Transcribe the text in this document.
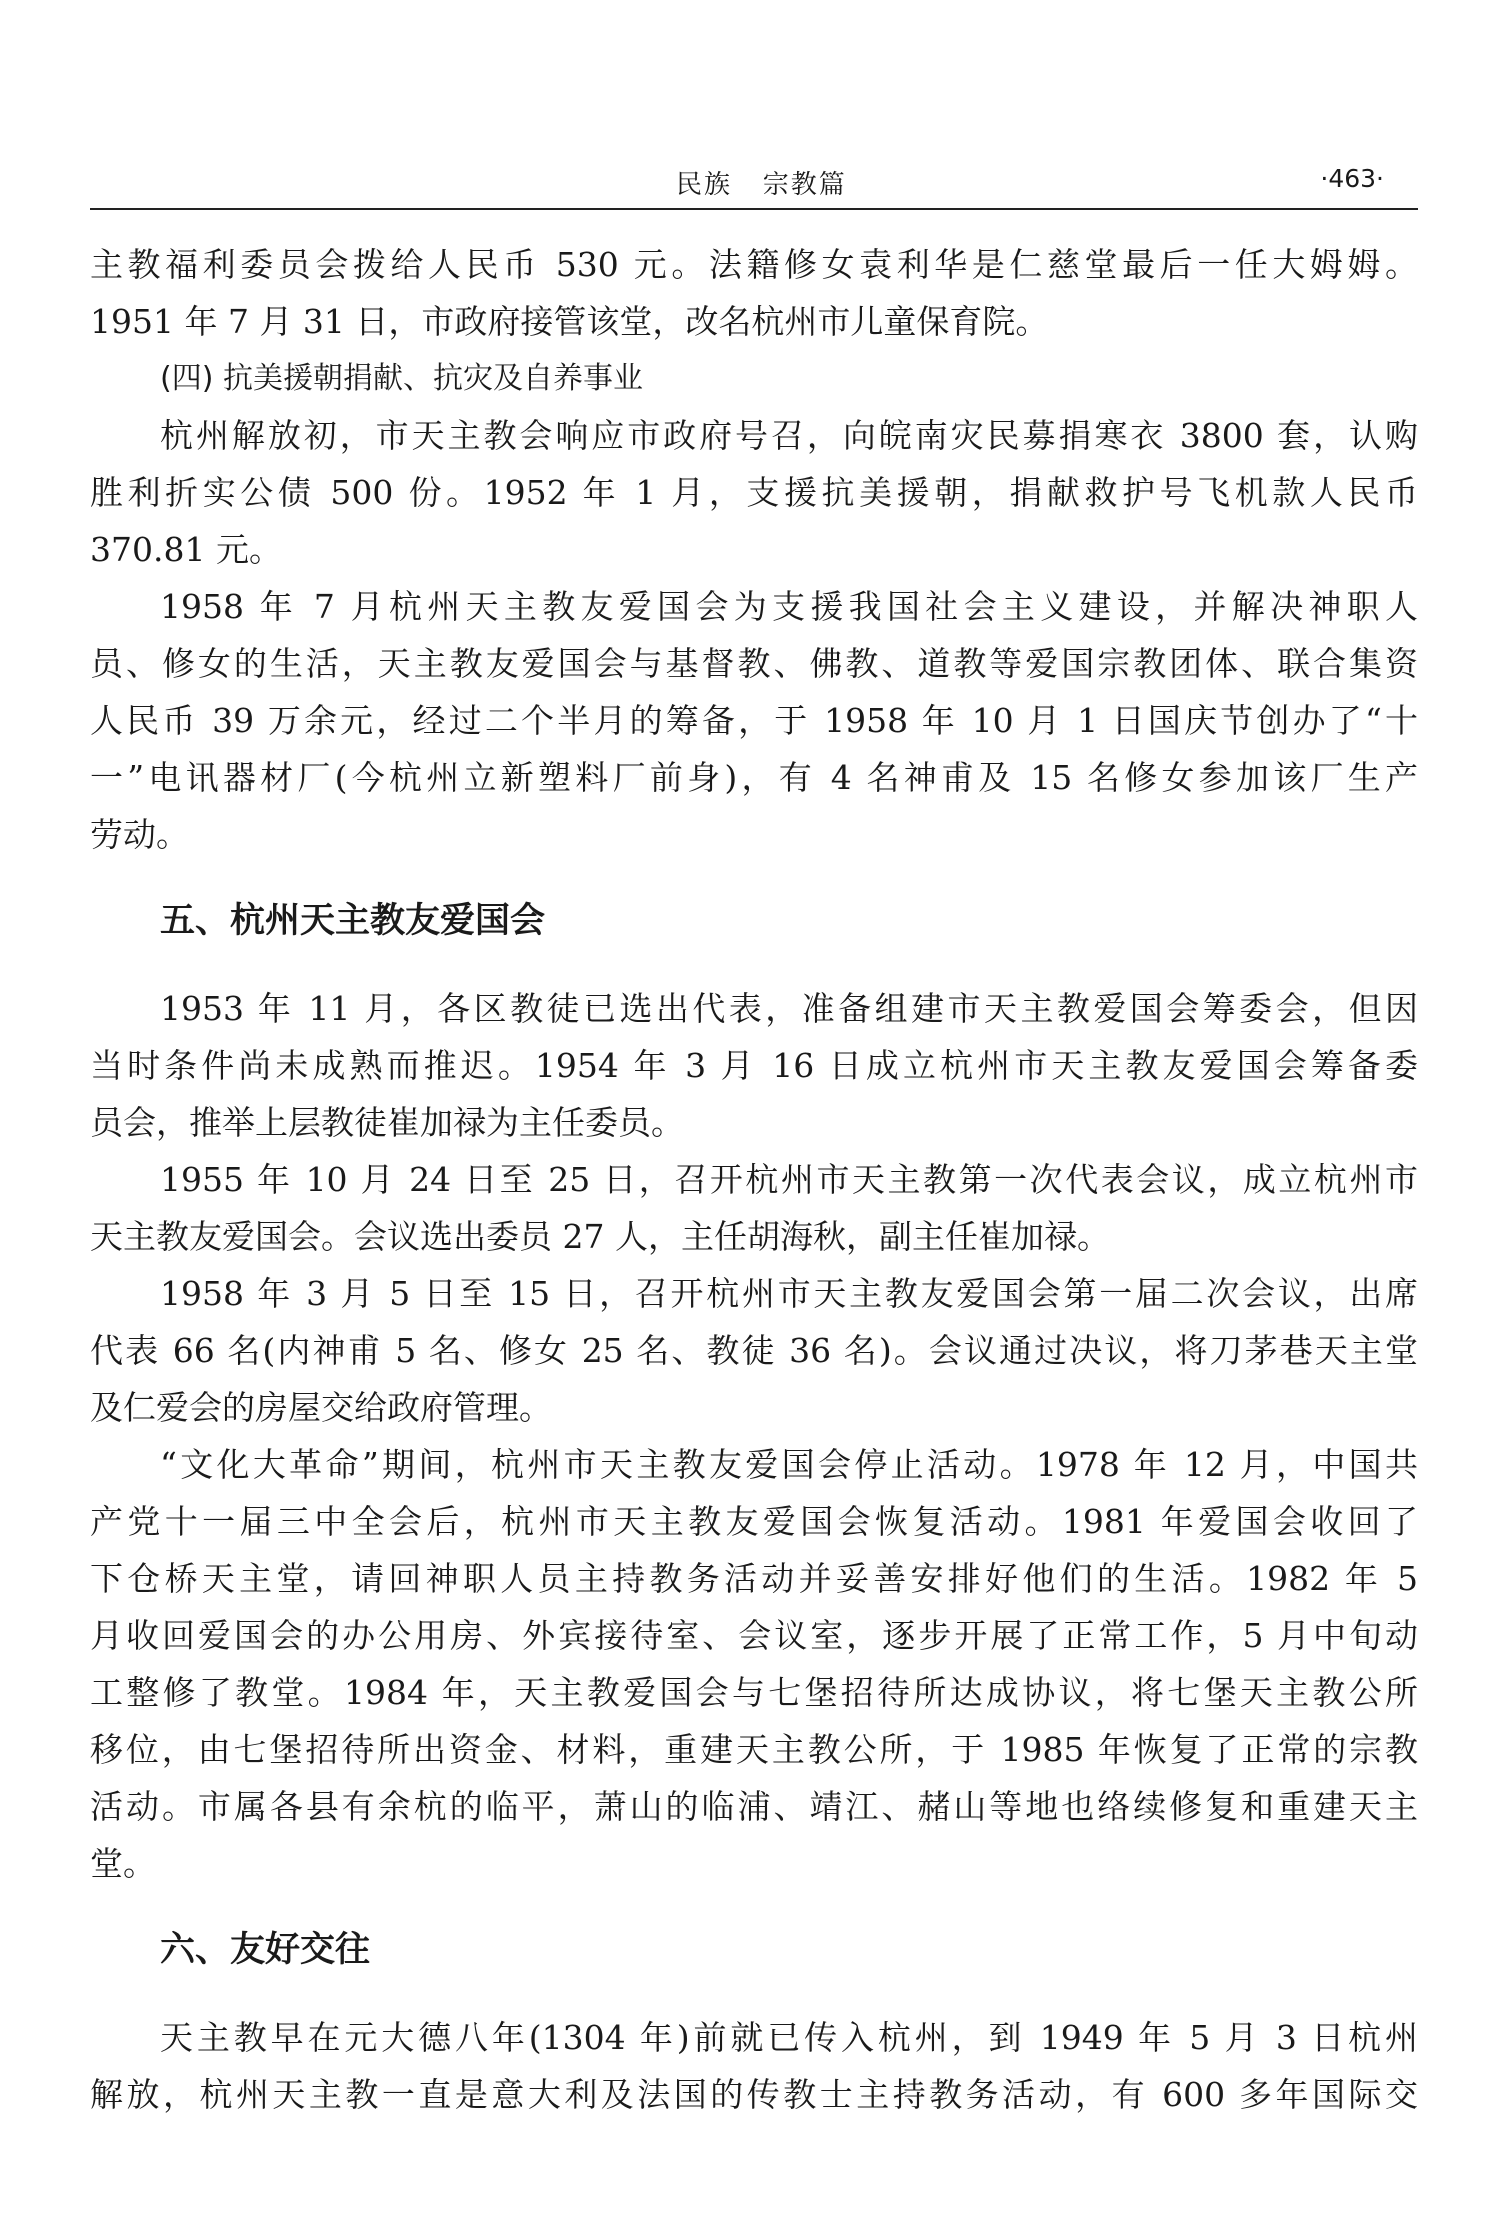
民族   宗教篇	·463·

主教福利委员会拨给人民币 530 元。法籍修女袁利华是仁慈堂最后一任大姆姆。
1951 年 7 月 31 日，市政府接管该堂，改名杭州市儿童保育院。

(四) 抗美援朝捐献、抗灾及自养事业

杭州解放初，市天主教会响应市政府号召，向皖南灾民募捐寒衣 3800 套，认购
胜利折实公债 500 份。1952 年 1 月，支援抗美援朝，捐献救护号飞机款人民币
370.81 元。

1958 年 7 月杭州天主教友爱国会为支援我国社会主义建设，并解决神职人
员、修女的生活，天主教友爱国会与基督教、佛教、道教等爱国宗教团体、联合集资
人民币 39 万余元，经过二个半月的筹备，于 1958 年 10 月 1 日国庆节创办了“十
一”电讯器材厂(今杭州立新塑料厂前身)，有 4 名神甫及 15 名修女参加该厂生产
劳动。

五、杭州天主教友爱国会

1953 年 11 月，各区教徒已选出代表，准备组建市天主教爱国会筹委会，但因
当时条件尚未成熟而推迟。1954 年 3 月 16 日成立杭州市天主教友爱国会筹备委
员会，推举上层教徒崔加禄为主任委员。

1955 年 10 月 24 日至 25 日，召开杭州市天主教第一次代表会议，成立杭州市
天主教友爱国会。会议选出委员 27 人，主任胡海秋，副主任崔加禄。

1958 年 3 月 5 日至 15 日，召开杭州市天主教友爱国会第一届二次会议，出席
代表 66 名(内神甫 5 名、修女 25 名、教徒 36 名)。会议通过决议，将刀茅巷天主堂
及仁爱会的房屋交给政府管理。

“文化大革命”期间，杭州市天主教友爱国会停止活动。1978 年 12 月，中国共
产党十一届三中全会后，杭州市天主教友爱国会恢复活动。1981 年爱国会收回了
下仓桥天主堂，请回神职人员主持教务活动并妥善安排好他们的生活。1982 年 5
月收回爱国会的办公用房、外宾接待室、会议室，逐步开展了正常工作，5 月中旬动
工整修了教堂。1984 年，天主教爱国会与七堡招待所达成协议，将七堡天主教公所
移位，由七堡招待所出资金、材料，重建天主教公所，于 1985 年恢复了正常的宗教
活动。市属各县有余杭的临平，萧山的临浦、靖江、赭山等地也络续修复和重建天主
堂。

六、友好交往

天主教早在元大德八年(1304 年)前就已传入杭州，到 1949 年 5 月 3 日杭州
解放，杭州天主教一直是意大利及法国的传教士主持教务活动，有 600 多年国际交
